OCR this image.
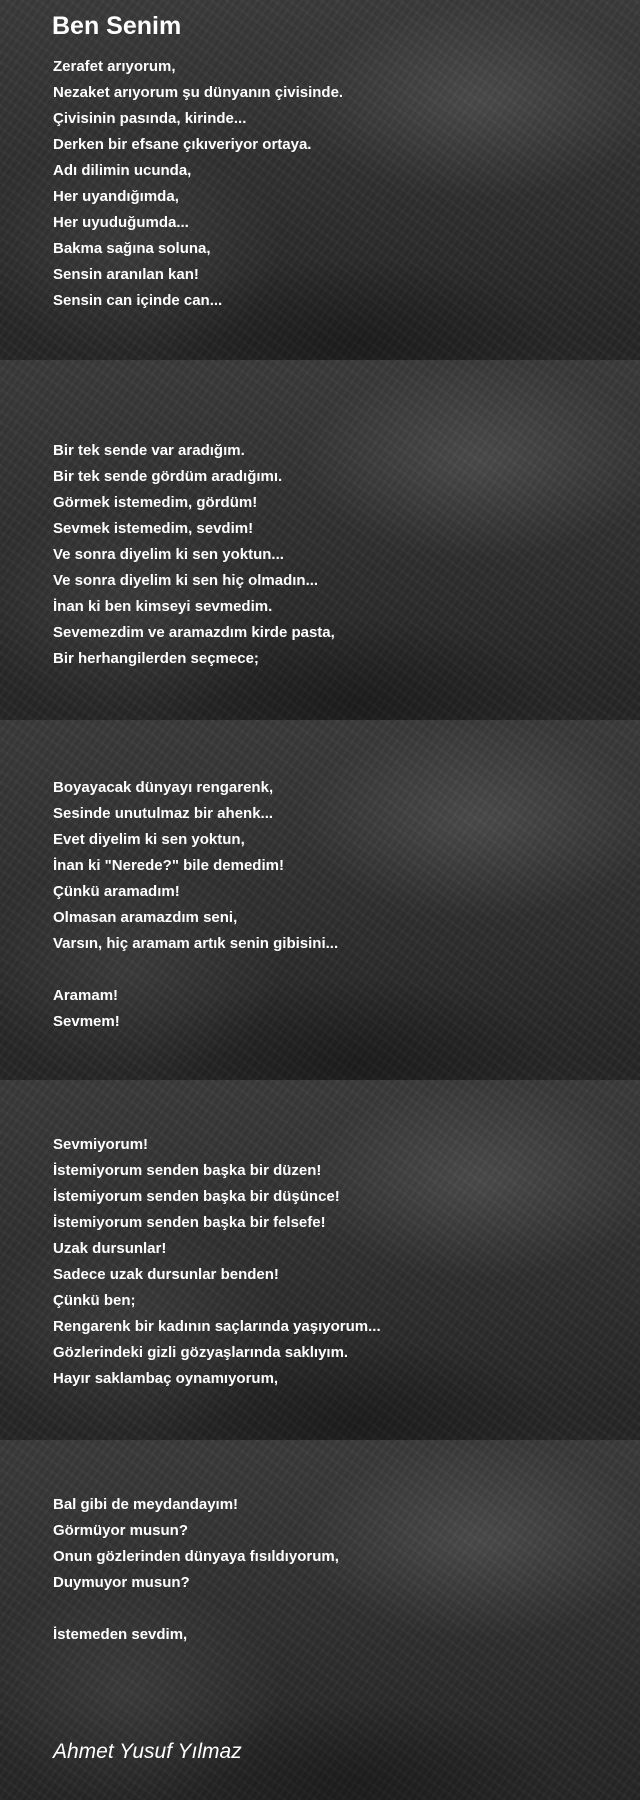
Ben Senim
Zerafet arıyorum,
Nezaket arıyorum şu dünyanın çivisinde.
Çivisinin pasında, kirinde...
Derken bir efsane çıkıveriyor ortaya.
Adı dilimin ucunda,
Her uyandığımda,
Her uyuduğumda...
Bakma sağına soluna,
Sensin aranılan kan!
Sensin can içinde can...
Bir tek sende var aradığım.
Bir tek sende gördüm aradığımı.
Görmek istemedim, gördüm!
Sevmek istemedim, sevdim!
Ve sonra diyelim ki sen yoktun...
Ve sonra diyelim ki sen hiç olmadın...
İnan ki ben kimseyi sevmedim.
Sevemezdim ve aramazdım kirde pasta,
Bir herhangilerden seçmece;
Boyayacak dünyayı rengarenk,
Sesinde unutulmaz bir ahenk...
Evet diyelim ki sen yoktun,
İnan ki "Nerede?" bile demedim!
Çünkü aramadım!
Olmasan aramazdım seni,
Varsın, hiç aramam artık senin gibisini...
Aramam!
Sevmem!
Sevmiyorum!
İstemiyorum senden başka bir düzen!
İstemiyorum senden başka bir düşünce!
İstemiyorum senden başka bir felsefe!
Uzak dursunlar!
Sadece uzak dursunlar benden!
Çünkü ben;
Rengarenk bir kadının saçlarında yaşıyorum...
Gözlerindeki gizli gözyaşlarında saklıyım.
Hayır saklambaç oynamıyorum,
Bal gibi de meydandayım!
Görmüyor musun?
Onun gözlerinden dünyaya fısıldıyorum,
Duymuyor musun?
İstemeden sevdim,
Ahmet Yusuf Yılmaz
